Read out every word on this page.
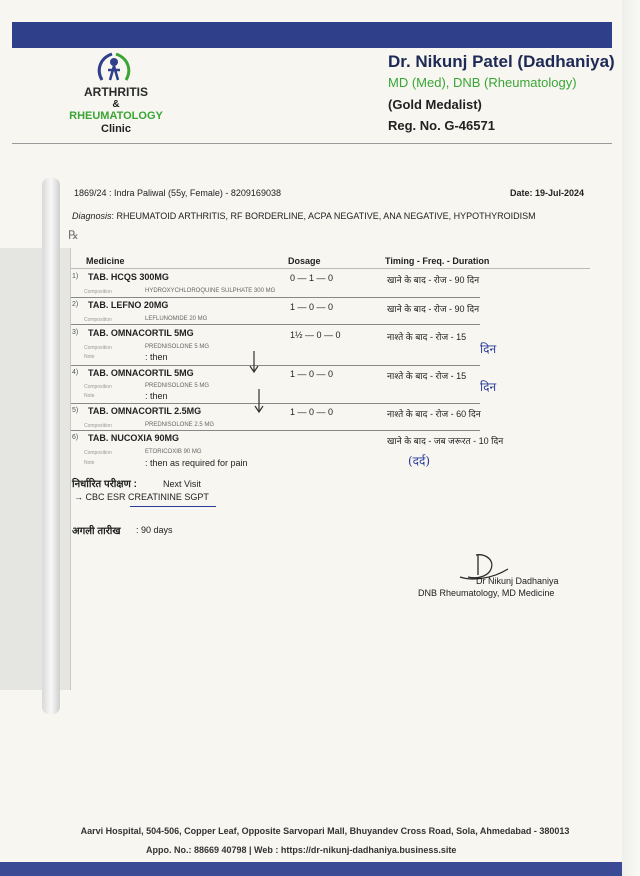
ARTHRITIS
&
RHEUMATOLOGY
Clinic
Dr. Nikunj Patel (Dadhaniya)
MD (Med), DNB (Rheumatology)
(Gold Medalist)
Reg. No. G-46571
1869/24 : Indra Paliwal (55y, Female) - 8209169038	Date: 19-Jul-2024
Diagnosis: RHEUMATOID ARTHRITIS, RF BORDERLINE, ACPA NEGATIVE, ANA NEGATIVE, HYPOTHYROIDISM
℞
Medicine	Dosage	Timing - Freq. - Duration
1) TAB. HCQS 300MG
Composition	HYDROXYCHLOROQUINE SULPHATE 300 MG
0 — 1 — 0	खाने के बाद - रोज - 90 दिन
2) TAB. LEFNO 20MG
Composition	LEFLUNOMIDE 20 MG
1 — 0 — 0	खाने के बाद - रोज - 90 दिन
3) TAB. OMNACORTIL 5MG
Composition	PREDNISOLONE 5 MG
Note	: then
1½ — 0 — 0	नाश्ते के बाद - रोज - 15
दिन
4) TAB. OMNACORTIL 5MG
Composition	PREDNISOLONE 5 MG
Note	: then
1 — 0 — 0	नाश्ते के बाद - रोज - 15
दिन
5) TAB. OMNACORTIL 2.5MG
Composition	PREDNISOLONE 2.5 MG
1 — 0 — 0	नाश्ते के बाद - रोज - 60 दिन
6) TAB. NUCOXIA 90MG
Composition	ETORICOXIB 90 MG
Note	: then as required for pain
खाने के बाद - जब जरूरत - 10 दिन
(दर्द)
निर्धारित परीक्षण :	Next Visit
→ CBC ESR CREATININE SGPT
अगली तारीख : 90 days
Dr Nikunj Dadhaniya
DNB Rheumatology, MD Medicine
Aarvi Hospital, 504-506, Copper Leaf, Opposite Sarvopari Mall, Bhuyandev Cross Road, Sola, Ahmedabad - 380013
Appo. No.: 88669 40798 | Web : https://dr-nikunj-dadhaniya.business.site
